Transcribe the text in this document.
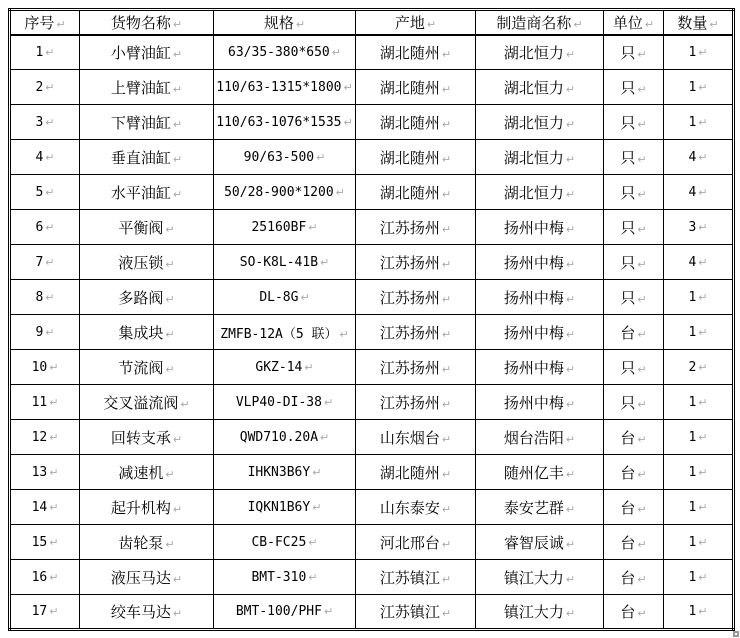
序号 ↵	货物名称 ↵	规格 ↵	产地 ↵	制造商名称 ↵	单位 ↵	数量 ↵
1 ↵	小臂油缸 ↵	63/35-380*650 ↵	湖北随州 ↵	湖北恒力 ↵	只 ↵	1 ↵
2 ↵	上臂油缸 ↵	110/63-1315*1800 ↵	湖北随州 ↵	湖北恒力 ↵	只 ↵	1 ↵
3 ↵	下臂油缸 ↵	110/63-1076*1535 ↵	湖北随州 ↵	湖北恒力 ↵	只 ↵	1 ↵
4 ↵	垂直油缸 ↵	90/63-500 ↵	湖北随州 ↵	湖北恒力 ↵	只 ↵	4 ↵
5 ↵	水平油缸 ↵	50/28-900*1200 ↵	湖北随州 ↵	湖北恒力 ↵	只 ↵	4 ↵
6 ↵	平衡阀 ↵	25160BF ↵	江苏扬州 ↵	扬州中梅 ↵	只 ↵	3 ↵
7 ↵	液压锁 ↵	SO-K8L-41B ↵	江苏扬州 ↵	扬州中梅 ↵	只 ↵	4 ↵
8 ↵	多路阀 ↵	DL-8G ↵	江苏扬州 ↵	扬州中梅 ↵	只 ↵	1 ↵
9 ↵	集成块 ↵	ZMFB-12A（5 联） ↵	江苏扬州 ↵	扬州中梅 ↵	台 ↵	1 ↵
10 ↵	节流阀 ↵	GKZ-14 ↵	江苏扬州 ↵	扬州中梅 ↵	只 ↵	2 ↵
11 ↵	交叉溢流阀 ↵	VLP40-DI-38 ↵	江苏扬州 ↵	扬州中梅 ↵	只 ↵	1 ↵
12 ↵	回转支承 ↵	QWD710.20A ↵	山东烟台 ↵	烟台浩阳 ↵	台 ↵	1 ↵
13 ↵	减速机 ↵	IHKN3B6Y ↵	湖北随州 ↵	随州亿丰 ↵	台 ↵	1 ↵
14 ↵	起升机构 ↵	IQKN1B6Y ↵	山东泰安 ↵	泰安艺群 ↵	台 ↵	1 ↵
15 ↵	齿轮泵 ↵	CB-FC25 ↵	河北邢台 ↵	睿智辰诚 ↵	台 ↵	1 ↵
16 ↵	液压马达 ↵	BMT-310 ↵	江苏镇江 ↵	镇江大力 ↵	台 ↵	1 ↵
17 ↵	绞车马达 ↵	BMT-100/PHF ↵	江苏镇江 ↵	镇江大力 ↵	台 ↵	1 ↵
